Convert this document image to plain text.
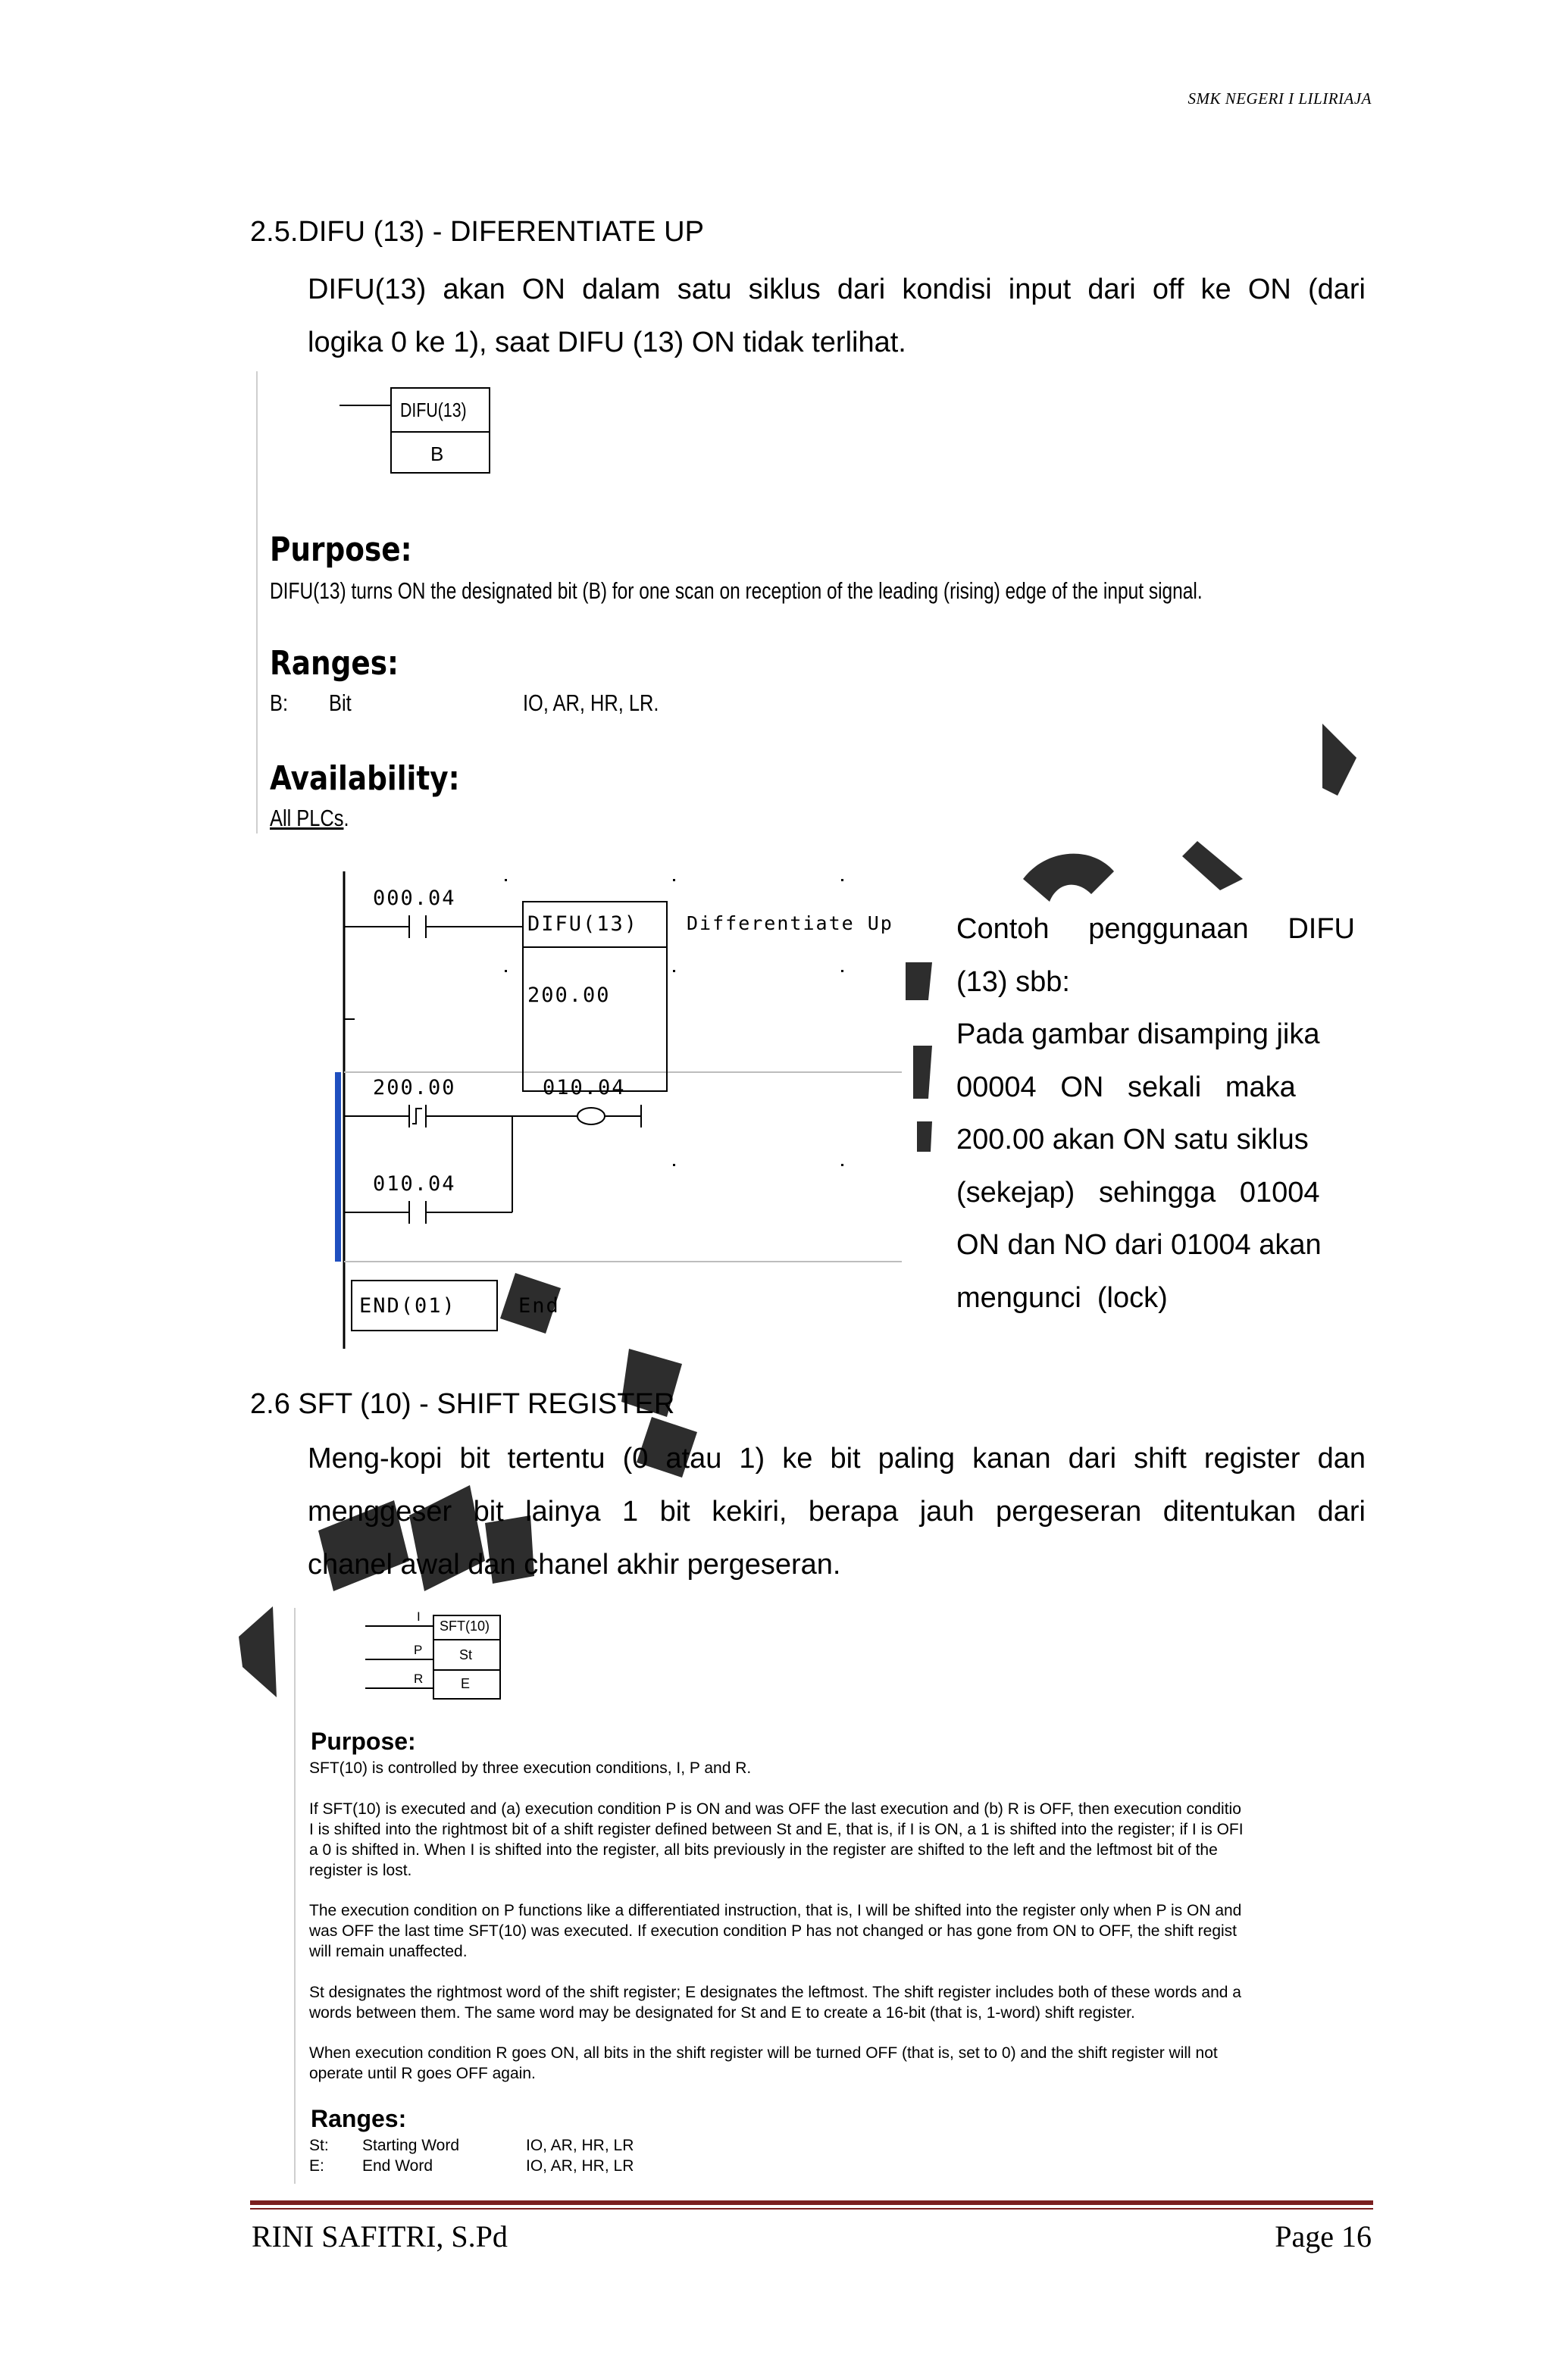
SMK NEGERI I LILIRIAJA
2.5.DIFU (13) - DIFERENTIATE UP
DIFU(13) akan ON dalam satu siklus dari kondisi input dari off ke ON (dari
logika 0 ke 1), saat DIFU (13) ON tidak terlihat.
DIFU(13)
B
Purpose:
DIFU(13) turns ON the designated bit (B) for one scan on reception of the leading (rising) edge of the input signal.
Ranges:
B: Bit	IO, AR, HR, LR.
Availability:
All PLCs.
000.04
DIFU(13)	Differentiate Up
200.00
200.00	010.04
010.04
END(01)	End
Contoh penggunaan DIFU
(13) sbb:
Pada gambar disamping jika
00004   ON   sekali   maka
200.00 akan ON satu siklus
(sekejap)   sehingga   01004
ON dan NO dari 01004 akan
mengunci  (lock)
2.6 SFT (10) - SHIFT REGISTER
Meng-kopi bit tertentu (0 atau 1) ke bit paling kanan dari shift register dan
menggeser bit lainya 1 bit kekiri, berapa jauh pergeseran ditentukan dari
chanel awal dan chanel akhir pergeseran.
I
P
R
SFT(10)
St
E
Purpose:
SFT(10) is controlled by three execution conditions, I, P and R.
If SFT(10) is executed and (a) execution condition P is ON and was OFF the last execution and (b) R is OFF, then execution conditio
I is shifted into the rightmost bit of a shift register defined between St and E, that is, if I is ON, a 1 is shifted into the register; if I is OFI
a 0 is shifted in. When I is shifted into the register, all bits previously in the register are shifted to the left and the leftmost bit of the
register is lost.
The execution condition on P functions like a differentiated instruction, that is, I will be shifted into the register only when P is ON and
was OFF the last time SFT(10) was executed. If execution condition P has not changed or has gone from ON to OFF, the shift regist
will remain unaffected.
St designates the rightmost word of the shift register; E designates the leftmost. The shift register includes both of these words and a
words between them. The same word may be designated for St and E to create a 16-bit (that is, 1-word) shift register.
When execution condition R goes ON, all bits in the shift register will be turned OFF (that is, set to 0) and the shift register will not
operate until R goes OFF again.
Ranges:
St: Starting Word	IO, AR, HR, LR
E: End Word	IO, AR, HR, LR
RINI SAFITRI, S.Pd	Page 16
